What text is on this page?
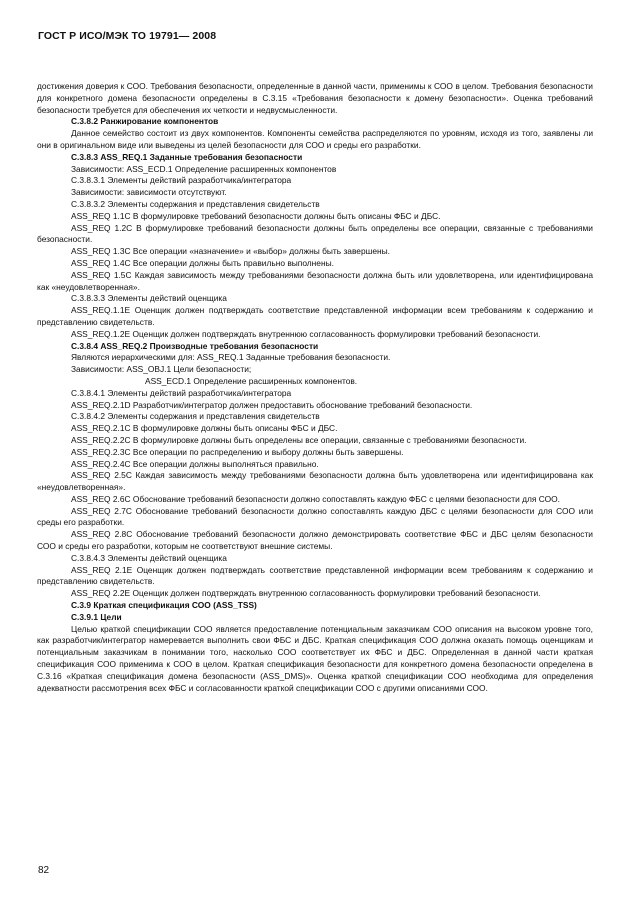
ГОСТ Р ИСО/МЭК ТО 19791— 2008

достижения доверия к СОО. Требования безопасности, определенные в данной части, применимы к СОО в целом. Требования безопасности для конкретного домена безопасности определены в С.3.15 «Требования безопасности к домену безопасности». Оценка требований безопасности требуется для обеспечения их четкости и недвусмысленности.

С.3.8.2 Ранжирование компонентов

Данное семейство состоит из двух компонентов. Компоненты семейства распределяются по уровням, исходя из того, заявлены ли они в оригинальном виде или выведены из целей безопасности для СОО и среды его разработки.

С.3.8.3 ASS_REQ.1 Заданные требования безопасности

Зависимости: ASS_ECD.1 Определение расширенных компонентов

С.3.8.3.1 Элементы действий разработчика/интегратора

Зависимости: зависимости отсутствуют.

С.3.8.3.2 Элементы содержания и представления свидетельств

ASS_REQ 1.1C В формулировке требований безопасности должны быть описаны ФБС и ДБС.

ASS_REQ 1.2C В формулировке требований безопасности должны быть определены все операции, связанные с требованиями безопасности.

ASS_REQ 1.3C Все операции «назначение» и «выбор» должны быть завершены.

ASS_REQ 1.4C Все операции должны быть правильно выполнены.

ASS_REQ 1.5C Каждая зависимость между требованиями безопасности должна быть или удовлетворена, или идентифицирована как «неудовлетворенная».

С.3.8.3.3 Элементы действий оценщика

ASS_REQ.1.1E Оценщик должен подтверждать соответствие представленной информации всем требованиям к содержанию и представлению свидетельств.

ASS_REQ.1.2E Оценщик должен подтверждать внутреннюю согласованность формулировки требований безопасности.

С.3.8.4 ASS_REQ.2 Производные требования безопасности

Являются иерархическими для: ASS_REQ.1 Заданные требования безопасности.

Зависимости: ASS_OBJ.1 Цели безопасности;

ASS_ECD.1 Определение расширенных компонентов.

С.3.8.4.1 Элементы действий разработчика/интегратора

ASS_REQ.2.1D Разработчик/интегратор должен предоставить обоснование требований безопасности.

С.3.8.4.2 Элементы содержания и представления свидетельств

ASS_REQ.2.1C В формулировке должны быть описаны ФБС и ДБС.

ASS_REQ.2.2C В формулировке должны быть определены все операции, связанные с требованиями безопасности.

ASS_REQ.2.3C Все операции по распределению и выбору должны быть завершены.

ASS_REQ.2.4C Все операции должны выполняться правильно.

ASS_REQ 2.5C Каждая зависимость между требованиями безопасности должна быть удовлетворена или идентифицирована как «неудовлетворенная».

ASS_REQ 2.6C Обоснование требований безопасности должно сопоставлять каждую ФБС с целями безопасности для СОО.

ASS_REQ 2.7C Обоснование требований безопасности должно сопоставлять каждую ДБС с целями безопасности для СОО или среды его разработки.

ASS_REQ 2.8C Обоснование требований безопасности должно демонстрировать соответствие ФБС и ДБС целям безопасности СОО и среды его разработки, которым не соответствуют внешние системы.

С.3.8.4.3 Элементы действий оценщика

ASS_REQ 2.1E Оценщик должен подтверждать соответствие представленной информации всем требованиям к содержанию и представлению свидетельств.

ASS_REQ 2.2E Оценщик должен подтверждать внутреннюю согласованность формулировки требований безопасности.

С.3.9 Краткая спецификация СОО (ASS_TSS)

С.3.9.1 Цели

Целью краткой спецификации СОО является предоставление потенциальным заказчикам СОО описания на высоком уровне того, как разработчик/интегратор намеревается выполнить свои ФБС и ДБС. Краткая спецификация СОО должна оказать помощь оценщикам и потенциальным заказчикам в понимании того, насколько СОО соответствует их ФБС и ДБС. Определенная в данной части краткая спецификация СОО применима к СОО в целом. Краткая спецификация безопасности для конкретного домена безопасности определена в С.3.16 «Краткая спецификация домена безопасности (ASS_DMS)». Оценка краткой спецификации СОО необходима для определения адекватности рассмотрения всех ФБС и согласованности краткой спецификации СОО с другими описаниями СОО.

82
